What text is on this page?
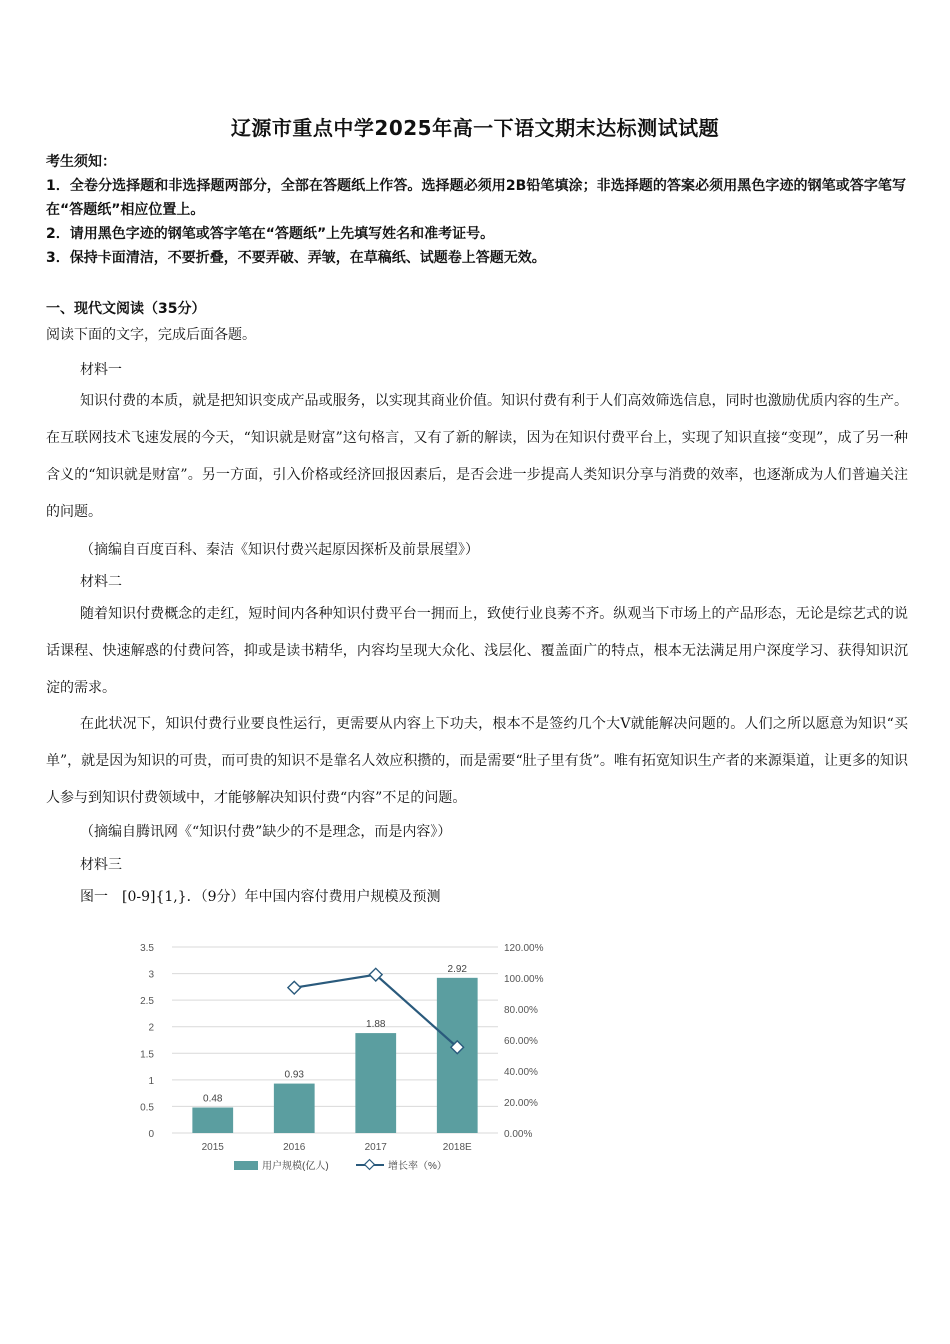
辽源市重点中学2025年高一下语文期末达标测试试题
考生须知：
1．全卷分选择题和非选择题两部分，全部在答题纸上作答。选择题必须用2B铅笔填涂；非选择题的答案必须用黑色字迹的钢笔或答字笔写在“答题纸”相应位置上。
2．请用黑色字迹的钢笔或答字笔在“答题纸”上先填写姓名和准考证号。
3．保持卡面清洁，不要折叠，不要弄破、弄皱，在草稿纸、试题卷上答题无效。
一、现代文阅读（35分）
阅读下面的文字，完成后面各题。
材料一
知识付费的本质，就是把知识变成产品或服务，以实现其商业价值。知识付费有利于人们高效筛选信息，同时也激励优质内容的生产。在互联网技术飞速发展的今天，“知识就是财富”这句格言，又有了新的解读，因为在知识付费平台上，实现了知识直接“变现”，成了另一种含义的“知识就是财富”。另一方面，引入价格或经济回报因素后，是否会进一步提高人类知识分享与消费的效率，也逐渐成为人们普遍关注的问题。
（摘编自百度百科、秦洁《知识付费兴起原因探析及前景展望》）
材料二
随着知识付费概念的走红，短时间内各种知识付费平台一拥而上，致使行业良莠不齐。纵观当下市场上的产品形态，无论是综艺式的说话课程、快速解惑的付费问答，抑或是读书精华，内容均呈现大众化、浅层化、覆盖面广的特点，根本无法满足用户深度学习、获得知识沉淀的需求。
在此状况下，知识付费行业要良性运行，更需要从内容上下功夫，根本不是签约几个大V就能解决问题的。人们之所以愿意为知识“买单”，就是因为知识的可贵，而可贵的知识不是靠名人效应积攒的，而是需要“肚子里有货”。唯有拓宽知识生产者的来源渠道，让更多的知识人参与到知识付费领域中，才能够解决知识付费“内容”不足的问题。
（摘编自腾讯网《“知识付费”缺少的不是理念，而是内容》）
材料三
图一　[0-9]{1,}．（9分）年中国内容付费用户规模及预测
0
0.5
1
1.5
2
2.5
3
3.5
0.00%
20.00%
40.00%
60.00%
80.00%
100.00%
120.00%
0.48
2015
0.93
2016
1.88
2017
2.92
2018E
用户规模(亿人)	增长率（%）
